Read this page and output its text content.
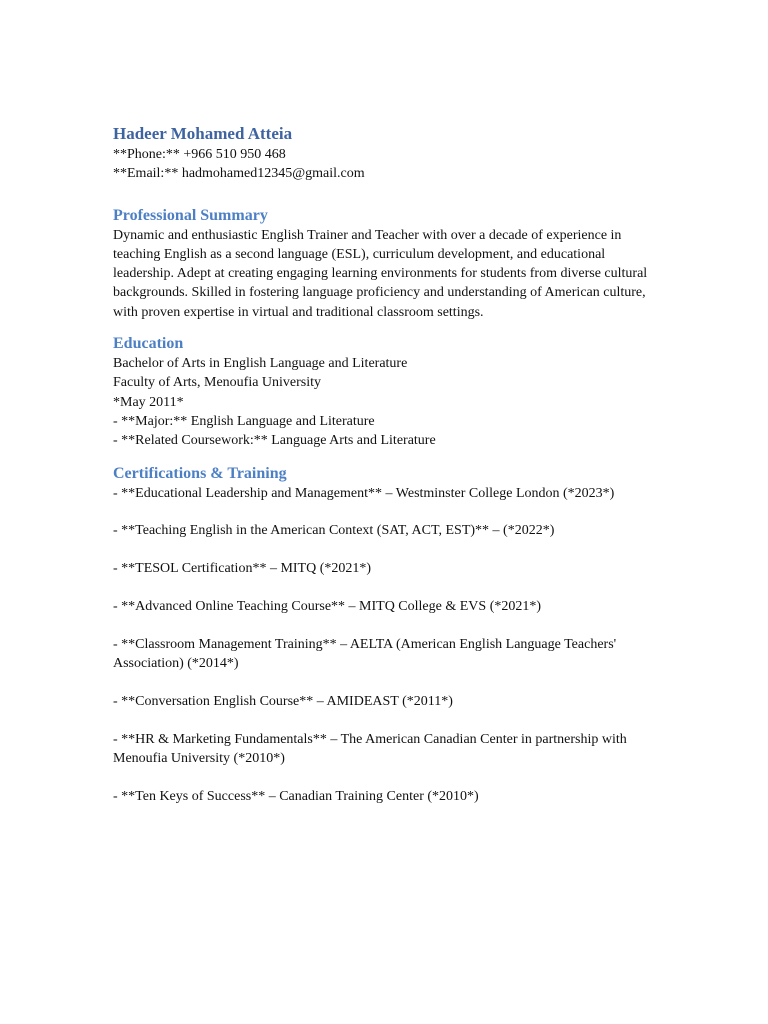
Hadeer Mohamed Atteia

**Phone:** +966 510 950 468

**Email:** hadmohamed12345@gmail.com

Professional Summary

Dynamic and enthusiastic English Trainer and Teacher with over a decade of experience in teaching English as a second language (ESL), curriculum development, and educational leadership. Adept at creating engaging learning environments for students from diverse cultural backgrounds. Skilled in fostering language proficiency and understanding of American culture, with proven expertise in virtual and traditional classroom settings.

Education

Bachelor of Arts in English Language and Literature

Faculty of Arts, Menoufia University

*May 2011*

- **Major:** English Language and Literature

- **Related Coursework:** Language Arts and Literature

Certifications & Training

- **Educational Leadership and Management** – Westminster College London (*2023*)

- **Teaching English in the American Context (SAT, ACT, EST)** – (*2022*)

- **TESOL Certification** – MITQ (*2021*)

- **Advanced Online Teaching Course** – MITQ College & EVS (*2021*)

- **Classroom Management Training** – AELTA (American English Language Teachers' Association) (*2014*)

- **Conversation English Course** – AMIDEAST (*2011*)

- **HR & Marketing Fundamentals** – The American Canadian Center in partnership with Menoufia University (*2010*)

- **Ten Keys of Success** – Canadian Training Center (*2010*)
